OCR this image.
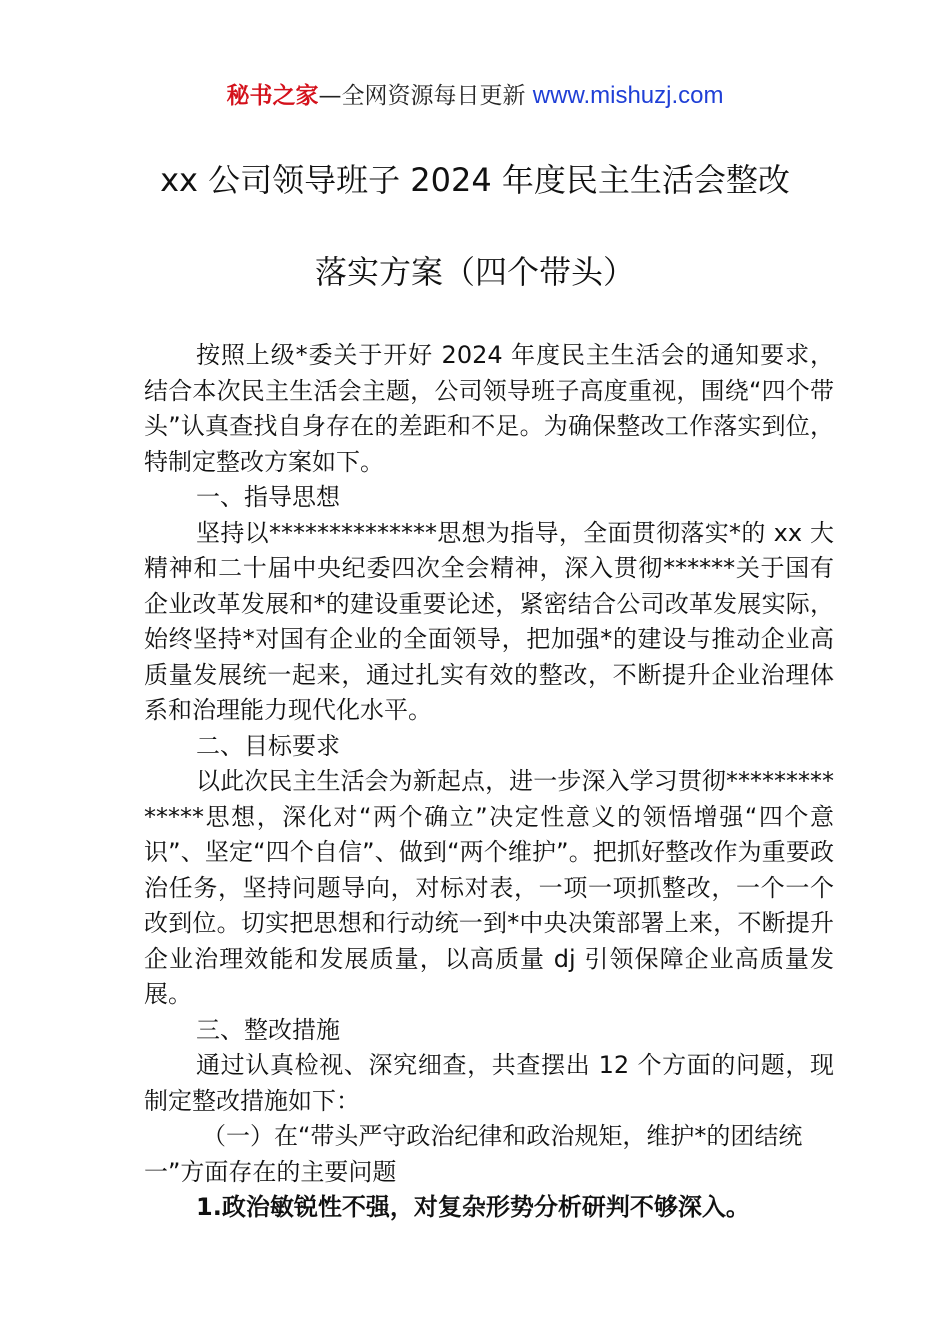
秘书之家—全网资源每日更新 www.mishuzj.com
xx 公司领导班子 2024 年度民主生活会整改
落实方案（四个带头）

按照上级*委关于开好 2024 年度民主生活会的通知要求，结合本次民主生活会主题，公司领导班子高度重视，围绕“四个带头”认真查找自身存在的差距和不足。为确保整改工作落实到位，特制定整改方案如下。

一、指导思想

坚持以**************思想为指导，全面贯彻落实*的 xx 大精神和二十届中央纪委四次全会精神，深入贯彻******关于国有企业改革发展和*的建设重要论述，紧密结合公司改革发展实际，始终坚持*对国有企业的全面领导，把加强*的建设与推动企业高质量发展统一起来，通过扎实有效的整改，不断提升企业治理体系和治理能力现代化水平。

二、目标要求

以此次民主生活会为新起点，进一步深入学习贯彻**************思想，深化对“两个确立”决定性意义的领悟增强“四个意识”、坚定“四个自信”、做到“两个维护”。把抓好整改作为重要政治任务，坚持问题导向，对标对表，一项一项抓整改，一个一个改到位。切实把思想和行动统一到*中央决策部署上来，不断提升企业治理效能和发展质量，以高质量 dj 引领保障企业高质量发展。

三、整改措施

通过认真检视、深究细查，共查摆出 12 个方面的问题，现制定整改措施如下：

（一）在“带头严守政治纪律和政治规矩，维护*的团结统一”方面存在的主要问题

1.政治敏锐性不强，对复杂形势分析研判不够深入。
